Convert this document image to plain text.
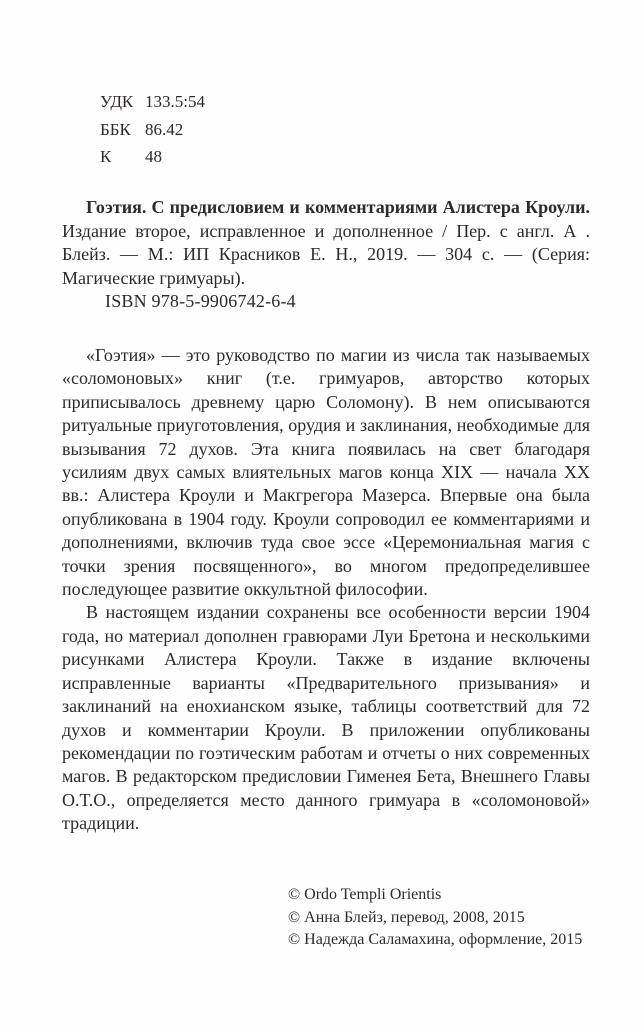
УДК 133.5:54
ББК 86.42
К	48

Гоэтия. С предисловием и комментариями Алистера Кроули. Издание второе, исправленное и дополненное / Пер. с англ. А . Блейз. — М.: ИП Красников Е. Н., 2019. — 304 с. — (Серия: Магические гримуары).

ISBN 978-5-9906742-6-4

«Гоэтия» — это руководство по магии из числа так называемых «соломоновых» книг (т.е. гримуаров, авторство которых приписывалось древнему царю Соломону). В нем описываются ритуальные приуготовления, орудия и заклинания, необходимые для вызывания 72 духов. Эта книга появилась на свет благодаря усилиям двух самых влиятельных магов конца XIX — начала XX вв.: Алистера Кроули и Макгрегора Мазерса. Впервые она была опубликована в 1904 году. Кроули сопроводил ее комментариями и дополнениями, включив туда свое эссе «Церемониальная магия с точки зрения посвященного», во многом предопределившее последующее развитие оккультной философии.

В настоящем издании сохранены все особенности версии 1904 года, но материал дополнен гравюрами Луи Бретона и несколькими рисунками Алистера Кроули. Также в издание включены исправленные варианты «Предварительного призывания» и заклинаний на енохианском языке, таблицы соответствий для 72 духов и комментарии Кроули. В приложении опубликованы рекомендации по гоэтическим работам и отчеты о них современных магов. В редакторском предисловии Гименея Бета, Внешнего Главы О.Т.О., определяется место данного гримуара в «соломоновой» традиции.

© Ordo Templi Orientis

© Анна Блейз, перевод, 2008, 2015

© Надежда Саламахина, оформление, 2015
